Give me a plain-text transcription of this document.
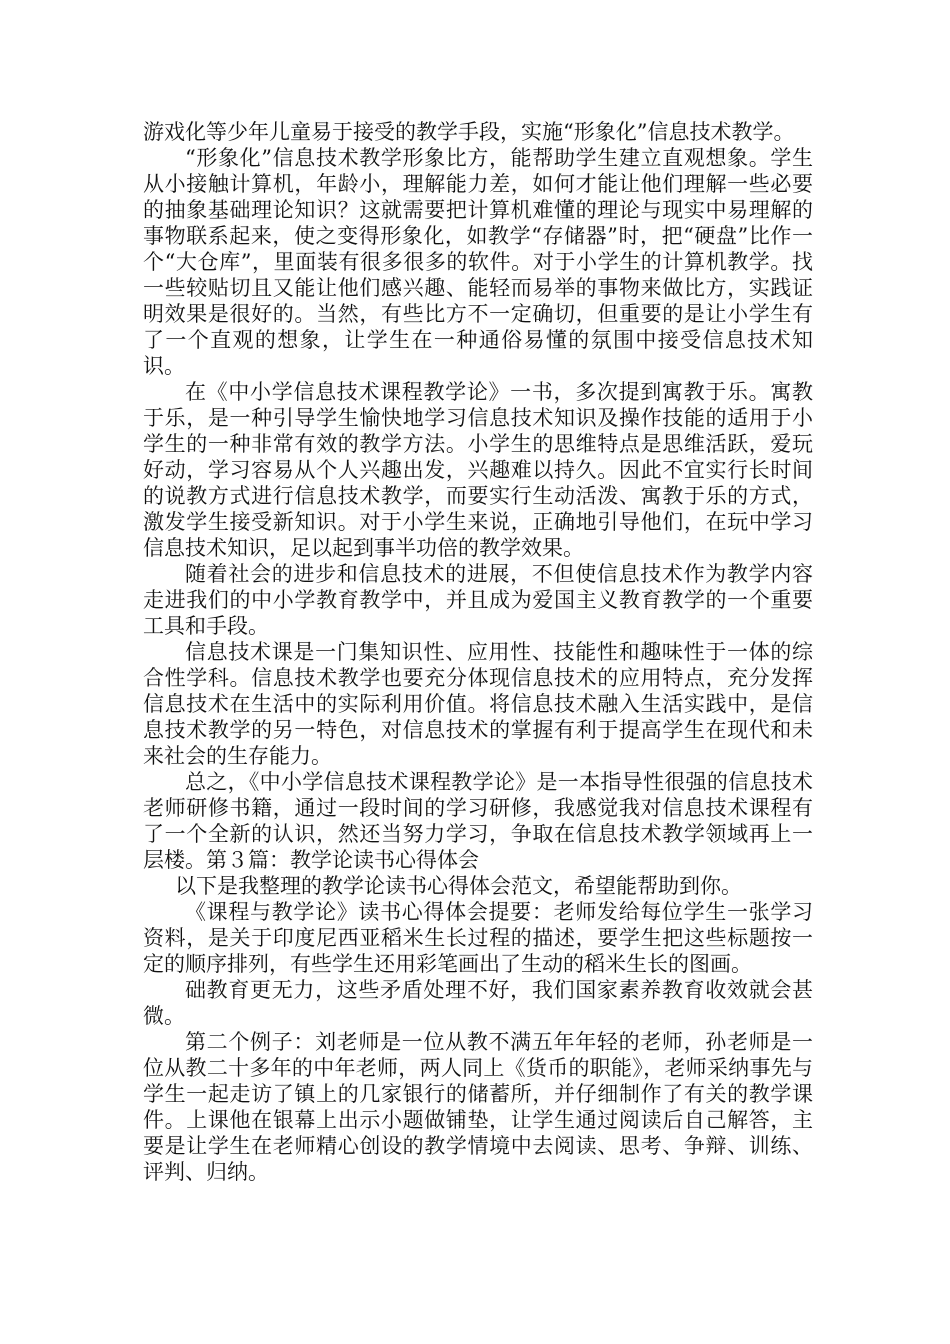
游戏化等少年儿童易于接受的教学手段，实施“形象化”信息技术教学。

“形象化”信息技术教学形象比方，能帮助学生建立直观想象。学生从小接触计算机，年龄小，理解能力差，如何才能让他们理解一些必要的抽象基础理论知识？这就需要把计算机难懂的理论与现实中易理解的事物联系起来，使之变得形象化，如教学“存储器”时，把“硬盘”比作一个“大仓库”，里面装有很多很多的软件。对于小学生的计算机教学。找一些较贴切且又能让他们感兴趣、能轻而易举的事物来做比方，实践证明效果是很好的。当然，有些比方不一定确切，但重要的是让小学生有了一个直观的想象，让学生在一种通俗易懂的氛围中接受信息技术知识。

在《中小学信息技术课程教学论》一书，多次提到寓教于乐。寓教于乐，是一种引导学生愉快地学习信息技术知识及操作技能的适用于小学生的一种非常有效的教学方法。小学生的思维特点是思维活跃，爱玩好动，学习容易从个人兴趣出发，兴趣难以持久。因此不宜实行长时间的说教方式进行信息技术教学，而要实行生动活泼、寓教于乐的方式，激发学生接受新知识。对于小学生来说，正确地引导他们，在玩中学习信息技术知识，足以起到事半功倍的教学效果。

随着社会的进步和信息技术的进展，不但使信息技术作为教学内容走进我们的中小学教育教学中，并且成为爱国主义教育教学的一个重要工具和手段。

信息技术课是一门集知识性、应用性、技能性和趣味性于一体的综合性学科。信息技术教学也要充分体现信息技术的应用特点，充分发挥信息技术在生活中的实际利用价值。将信息技术融入生活实践中，是信息技术教学的另一特色，对信息技术的掌握有利于提高学生在现代和未来社会的生存能力。

总之，《中小学信息技术课程教学论》是一本指导性很强的信息技术老师研修书籍，通过一段时间的学习研修，我感觉我对信息技术课程有了一个全新的认识，然还当努力学习，争取在信息技术教学领域再上一层楼。第３篇：教学论读书心得体会

以下是我整理的教学论读书心得体会范文，希望能帮助到你。

《课程与教学论》读书心得体会提要：老师发给每位学生一张学习资料，是关于印度尼西亚稻米生长过程的描述，要学生把这些标题按一定的顺序排列，有些学生还用彩笔画出了生动的稻米生长的图画。

础教育更无力，这些矛盾处理不好，我们国家素养教育收效就会甚微。

第二个例子：刘老师是一位从教不满五年年轻的老师，孙老师是一位从教二十多年的中年老师，两人同上《货币的职能》，老师采纳事先与学生一起走访了镇上的几家银行的储蓄所，并仔细制作了有关的教学课件。上课他在银幕上出示小题做铺垫，让学生通过阅读后自己解答，主要是让学生在老师精心创设的教学情境中去阅读、思考、争辩、训练、评判、归纳。
